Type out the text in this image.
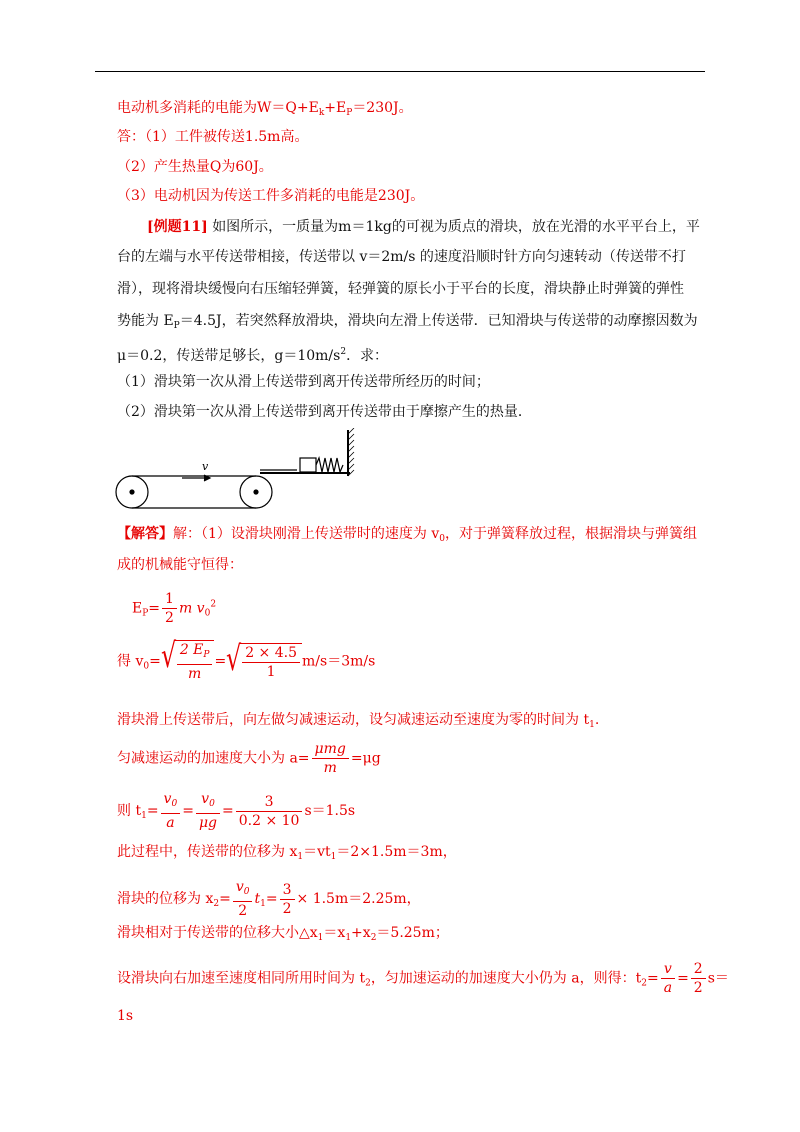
电动机多消耗的电能为$W=Q+E_k+E_P=230J$。
答：（1）工件被传送1.5m高。
（2）产生热量Q为60J。
（3）电动机因为传送工件多消耗的电能是230J。
[例题11] 如图所示，一质量为m＝1kg的可视为质点的滑块，放在光滑的水平平台上，平
台的左端与水平传送带相接，传送带以 v＝2m/s 的速度沿顺时针方向匀速转动（传送带不打
滑），现将滑块缓慢向右压缩轻弹簧，轻弹簧的原长小于平台的长度，滑块静止时弹簧的弹性
势能为 $E_P=4.5J$，若突然释放滑块，滑块向左滑上传送带．已知滑块与传送带的动摩擦因数为
μ＝0.2，传送带足够长，$g=10m/s^2$．求：
（1）滑块第一次从滑上传送带到离开传送带所经历的时间；
（2）滑块第一次从滑上传送带到离开传送带由于摩擦产生的热量．
v
【解答】解：（1）设滑块刚滑上传送带时的速度为 $v_0$，对于弹簧释放过程，根据滑块与弹簧组
成的机械能守恒得：
$E_P= \frac{1}{2}$ m $v_0^2$
得 $v_0=$ √ $\frac{2 E_P}{m}$ = √ $\frac{2 \times 4.5}{1} m/s=3m/s$
滑块滑上传送带后，向左做匀减速运动，设匀减速运动至速度为零的时间为 $t_1$.
匀减速运动的加速度大小为 $a= \frac{\text{μmg}}{m} =\mu g$
则 $t_1= \frac{v_0}{a} = \frac{v_0}{\mu g} = \frac{3}{0.2 \times 10} s=1.5s$
此过程中，传送带的位移为 $x_1=vt_1=2\times 1.5m=3m$，
滑块的位移为 $x_2= \frac{v_0}{2} t_1= \frac{3}{2} \times 1.5m=2.25m$，
滑块相对于传送带的位移大小$\triangle x_1=x_1+x_2=5.25m$；
设滑块向右加速至速度相同所用时间为 $t_2$，匀加速运动的加速度大小仍为 a，则得：$t_2= \frac{v}{a} = \frac{2}{2} s=$
1s
